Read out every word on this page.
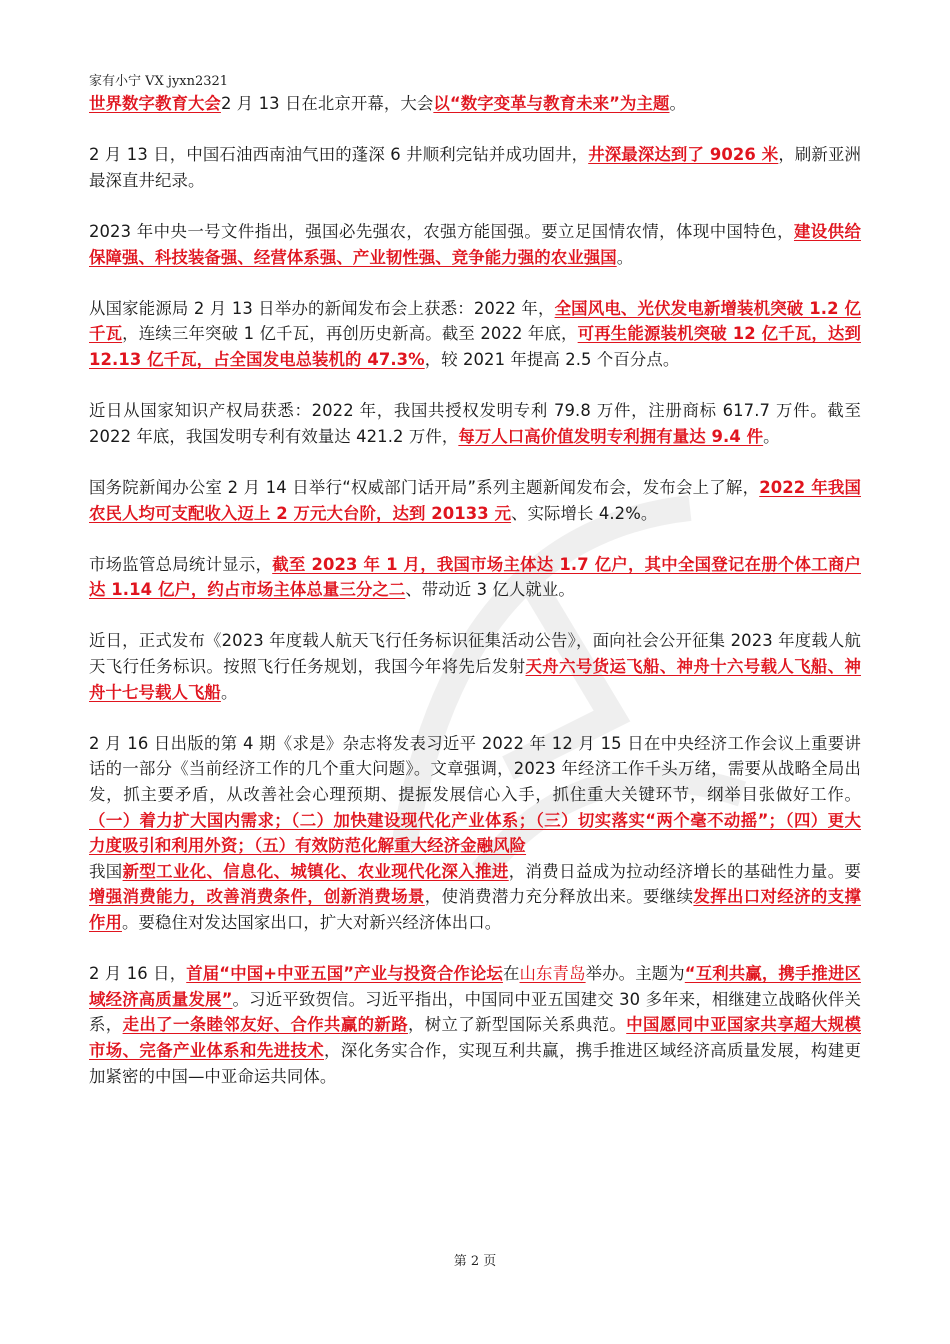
家有小宁 VX jyxn2321

世界数字教育大会2 月 13 日在北京开幕，大会以“数字变革与教育未来”为主题。

2 月 13 日，中国石油西南油气田的蓬深 6 井顺利完钻并成功固井，井深最深达到了 9026 米，刷新亚洲最深直井纪录。

2023 年中央一号文件指出，强国必先强农，农强方能国强。要立足国情农情，体现中国特色，建设供给保障强、科技装备强、经营体系强、产业韧性强、竞争能力强的农业强国。

从国家能源局 2 月 13 日举办的新闻发布会上获悉：2022 年，全国风电、光伏发电新增装机突破 1.2 亿千瓦，连续三年突破 1 亿千瓦，再创历史新高。截至 2022 年底，可再生能源装机突破 12 亿千瓦，达到 12.13 亿千瓦，占全国发电总装机的 47.3%，较 2021 年提高 2.5 个百分点。

近日从国家知识产权局获悉：2022 年，我国共授权发明专利 79.8 万件，注册商标 617.7 万件。截至 2022 年底，我国发明专利有效量达 421.2 万件，每万人口高价值发明专利拥有量达 9.4 件。

国务院新闻办公室 2 月 14 日举行“权威部门话开局”系列主题新闻发布会，发布会上了解，2022 年我国农民人均可支配收入迈上 2 万元大台阶，达到 20133 元、实际增长 4.2%。

市场监管总局统计显示，截至 2023 年 1 月，我国市场主体达 1.7 亿户，其中全国登记在册个体工商户达 1.14 亿户，约占市场主体总量三分之二、带动近 3 亿人就业。

近日，正式发布《2023 年度载人航天飞行任务标识征集活动公告》，面向社会公开征集 2023 年度载人航天飞行任务标识。按照飞行任务规划，我国今年将先后发射天舟六号货运飞船、神舟十六号载人飞船、神舟十七号载人飞船。

2 月 16 日出版的第 4 期《求是》杂志将发表习近平 2022 年 12 月 15 日在中央经济工作会议上重要讲话的一部分《当前经济工作的几个重大问题》。文章强调，2023 年经济工作千头万绪，需要从战略全局出发，抓主要矛盾，从改善社会心理预期、提振发展信心入手，抓住重大关键环节，纲举目张做好工作。（一）着力扩大国内需求；（二）加快建设现代化产业体系；（三）切实落实“两个毫不动摇”；（四）更大力度吸引和利用外资；（五）有效防范化解重大经济金融风险

我国新型工业化、信息化、城镇化、农业现代化深入推进，消费日益成为拉动经济增长的基础性力量。要增强消费能力，改善消费条件，创新消费场景，使消费潜力充分释放出来。要继续发挥出口对经济的支撑作用。要稳住对发达国家出口，扩大对新兴经济体出口。

2 月 16 日，首届“中国+中亚五国”产业与投资合作论坛在山东青岛举办。主题为“互利共赢，携手推进区域经济高质量发展”。习近平致贺信。习近平指出，中国同中亚五国建交 30 多年来，相继建立战略伙伴关系，走出了一条睦邻友好、合作共赢的新路，树立了新型国际关系典范。中国愿同中亚国家共享超大规模市场、完备产业体系和先进技术，深化务实合作，实现互利共赢，携手推进区域经济高质量发展，构建更加紧密的中国—中亚命运共同体。

第 2 页
